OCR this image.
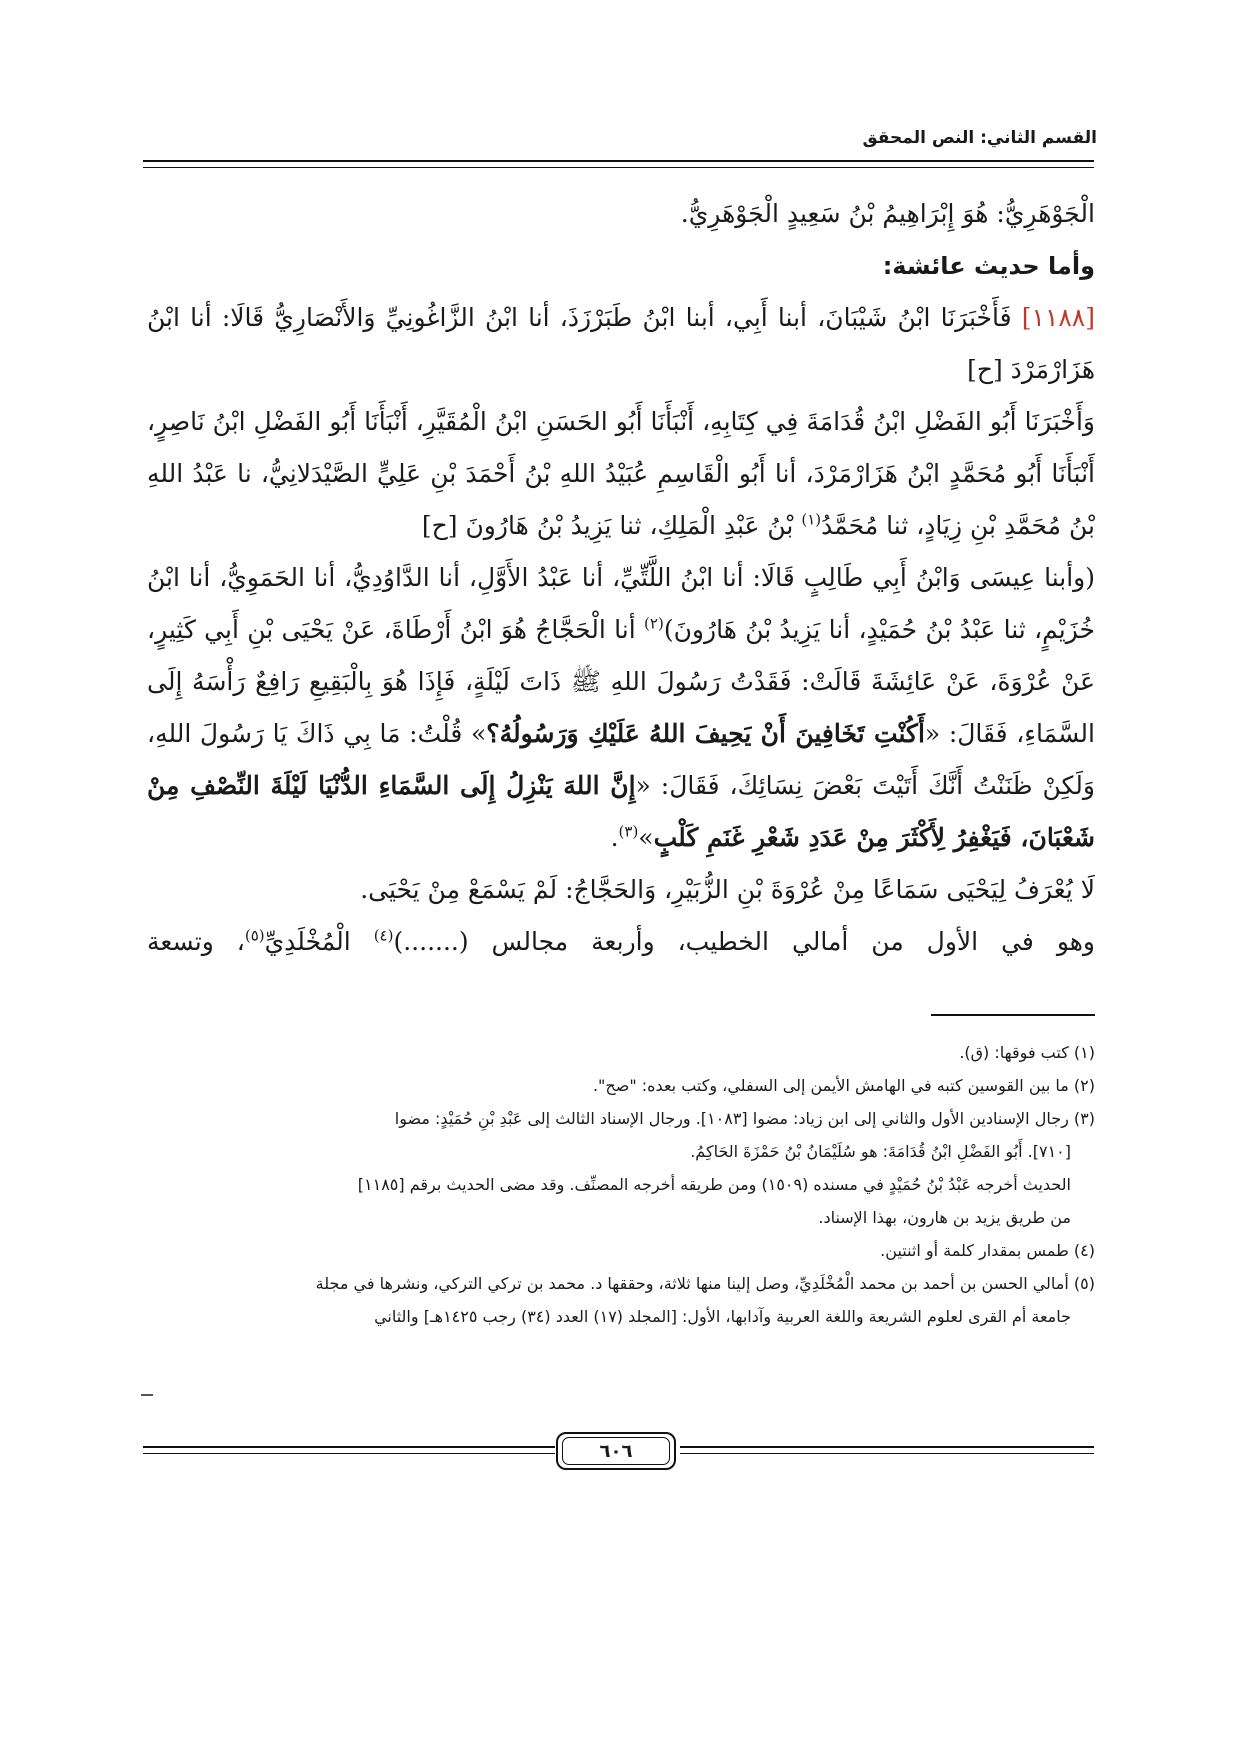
القسم الثاني: النص المحقق

الْجَوْهَرِيُّ: هُوَ إِبْرَاهِيمُ بْنُ سَعِيدٍ الْجَوْهَرِيُّ.

وأما حديث عائشة:

[١١٨٨] فَأَخْبَرَنَا ابْنُ شَيْبَانَ، أبنا أَبِي، أبنا ابْنُ طَبَرْزَذَ، أنا ابْنُ الزَّاغُونِيِّ وَالأَنْصَارِيُّ قَالَا: أنا ابْنُ هَزَارْمَرْدَ [ح]

وَأَخْبَرَنَا أَبُو الفَضْلِ ابْنُ قُدَامَةَ فِي كِتَابِهِ، أَنْبَأَنَا أَبُو الحَسَنِ ابْنُ الْمُقَيَّرِ، أَنْبَأَنَا أَبُو الفَضْلِ ابْنُ نَاصِرٍ، أَنْبَأَنَا أَبُو مُحَمَّدٍ ابْنُ هَزَارْمَرْدَ، أنا أَبُو الْقَاسِمِ عُبَيْدُ اللهِ بْنُ أَحْمَدَ بْنِ عَلِيٍّ الصَّيْدَلانِيُّ، نا عَبْدُ اللهِ بْنُ مُحَمَّدِ بْنِ زِيَادٍ، ثنا مُحَمَّدُ$^{(١)}$ بْنُ عَبْدِ الْمَلِكِ، ثنا يَزِيدُ بْنُ هَارُونَ [ح]

(وأبنا عِيسَى وَابْنُ أَبِي طَالِبٍ قَالَا: أنا ابْنُ اللَّتِّيِّ، أنا عَبْدُ الأَوَّلِ، أنا الدَّاوُدِيُّ، أنا الحَمَوِيُّ، أنا ابْنُ خُزَيْمٍ، ثنا عَبْدُ بْنُ حُمَيْدٍ، أنا يَزِيدُ بْنُ هَارُونَ)$^{(٢)}$ أنا الْحَجَّاجُ هُوَ ابْنُ أَرْطَاةَ، عَنْ يَحْيَى بْنِ أَبِي كَثِيرٍ، عَنْ عُرْوَةَ، عَنْ عَائِشَةَ قَالَتْ: فَقَدْتُ رَسُولَ اللهِ ﷺ ذَاتَ لَيْلَةٍ، فَإِذَا هُوَ بِالْبَقِيعِ رَافِعٌ رَأْسَهُ إِلَى السَّمَاءِ، فَقَالَ: «أَكُنْتِ تَخَافِينَ أَنْ يَحِيفَ اللهُ عَلَيْكِ وَرَسُولُهُ؟» قُلْتُ: مَا بِي ذَاكَ يَا رَسُولَ اللهِ، وَلَكِنْ ظَنَنْتُ أَنَّكَ أَتَيْتَ بَعْضَ نِسَائِكَ، فَقَالَ: «إِنَّ اللهَ يَنْزِلُ إِلَى السَّمَاءِ الدُّنْيَا لَيْلَةَ النِّصْفِ مِنْ شَعْبَانَ، فَيَغْفِرُ لِأَكْثَرَ مِنْ عَدَدِ شَعْرِ غَنَمِ كَلْبٍ»$^{(٣)}$.

لَا يُعْرَفُ لِيَحْيَى سَمَاعًا مِنْ عُرْوَةَ بْنِ الزُّبَيْرِ، وَالحَجَّاجُ: لَمْ يَسْمَعْ مِنْ يَحْيَى.

وهو في الأول من أمالي الخطيب، وأربعة مجالس (.......)$^{(٤)}$ الْمُخْلَدِيِّ$^{(٥)}$، وتسعة

(١) كتب فوقها: (ق).

(٢) ما بين القوسين كتبه في الهامش الأيمن إلى السفلي، وكتب بعده: "صح".

(٣) رجال الإسنادين الأول والثاني إلى ابن زياد: مضوا [١٠٨٣]. ورجال الإسناد الثالث إلى عَبْدِ بْنِ حُمَيْدٍ: مضوا

[٧١٠]. أَبُو الفَضْلِ ابْنُ قُدَامَةَ: هو سُلَيْمَانُ بْنُ حَمْزَةَ الحَاكِمُ.

الحديث أخرجه عَبْدُ بْنُ حُمَيْدٍ في مسنده (١٥٠٩) ومن طريقه أخرجه المصنِّف. وقد مضى الحديث برقم [١١٨٥]

من طريق يزيد بن هارون، بهذا الإسناد.

(٤) طمس بمقدار كلمة أو اثنتين.

(٥) أمالي الحسن بن أحمد بن محمد الْمُخْلَدِيِّ، وصل إلينا منها ثلاثة، وحققها د. محمد بن تركي التركي، ونشرها في مجلة

جامعة أم القرى لعلوم الشريعة واللغة العربية وآدابها، الأول: [المجلد (١٧) العدد (٣٤) رجب ١٤٢٥هـ] والثاني

٦٠٦
